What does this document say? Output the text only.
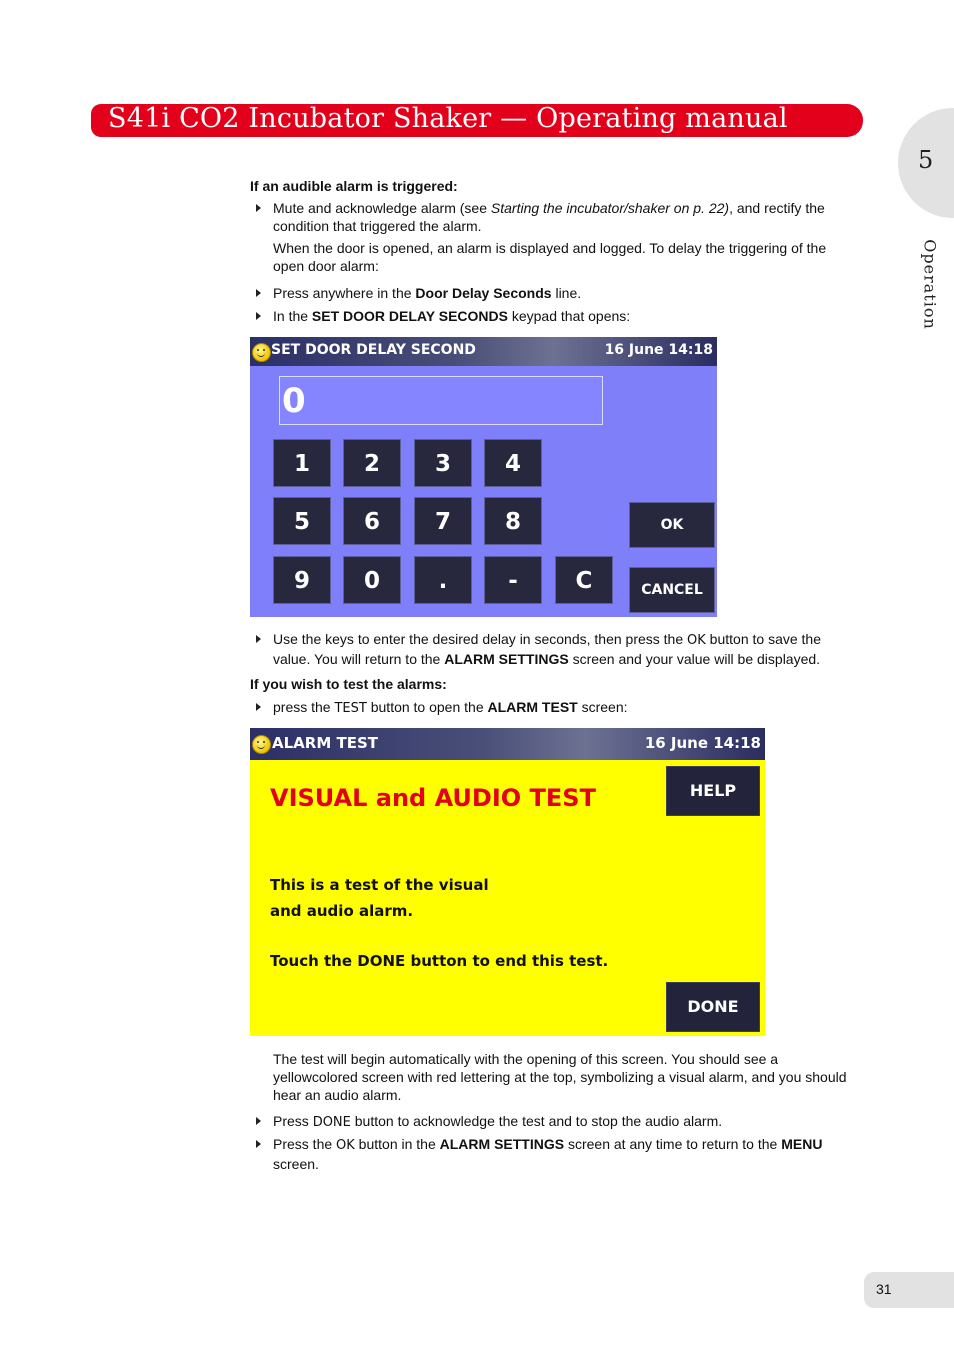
S41i CO2 Incubator Shaker — Operating manual
5
Operation
If an audible alarm is triggered:
Mute and acknowledge alarm (see Starting the incubator/shaker on p. 22), and rectify the
condition that triggered the alarm.
When the door is opened, an alarm is displayed and logged. To delay the triggering of the
open door alarm:
Press anywhere in the Door Delay Seconds line.
In the SET DOOR DELAY SECONDS keypad that opens:
SET DOOR DELAY SECOND	16 June 14:18
0
1	2	3	4
5	6	7	8
9	0	.	-	C
OK
CANCEL
Use the keys to enter the desired delay in seconds, then press the OK button to save the
value. You will return to the ALARM SETTINGS screen and your value will be displayed.
If you wish to test the alarms:
press the TEST button to open the ALARM TEST screen:
ALARM TEST	16 June 14:18
VISUAL and AUDIO TEST	HELP
This is a test of the visual
and audio alarm.
Touch the DONE button to end this test.
DONE
The test will begin automatically with the opening of this screen. You should see a
yellowcolored screen with red lettering at the top, symbolizing a visual alarm, and you should
hear an audio alarm.
Press DONE button to acknowledge the test and to stop the audio alarm.
Press the OK button in the ALARM SETTINGS screen at any time to return to the MENU
screen.
31
